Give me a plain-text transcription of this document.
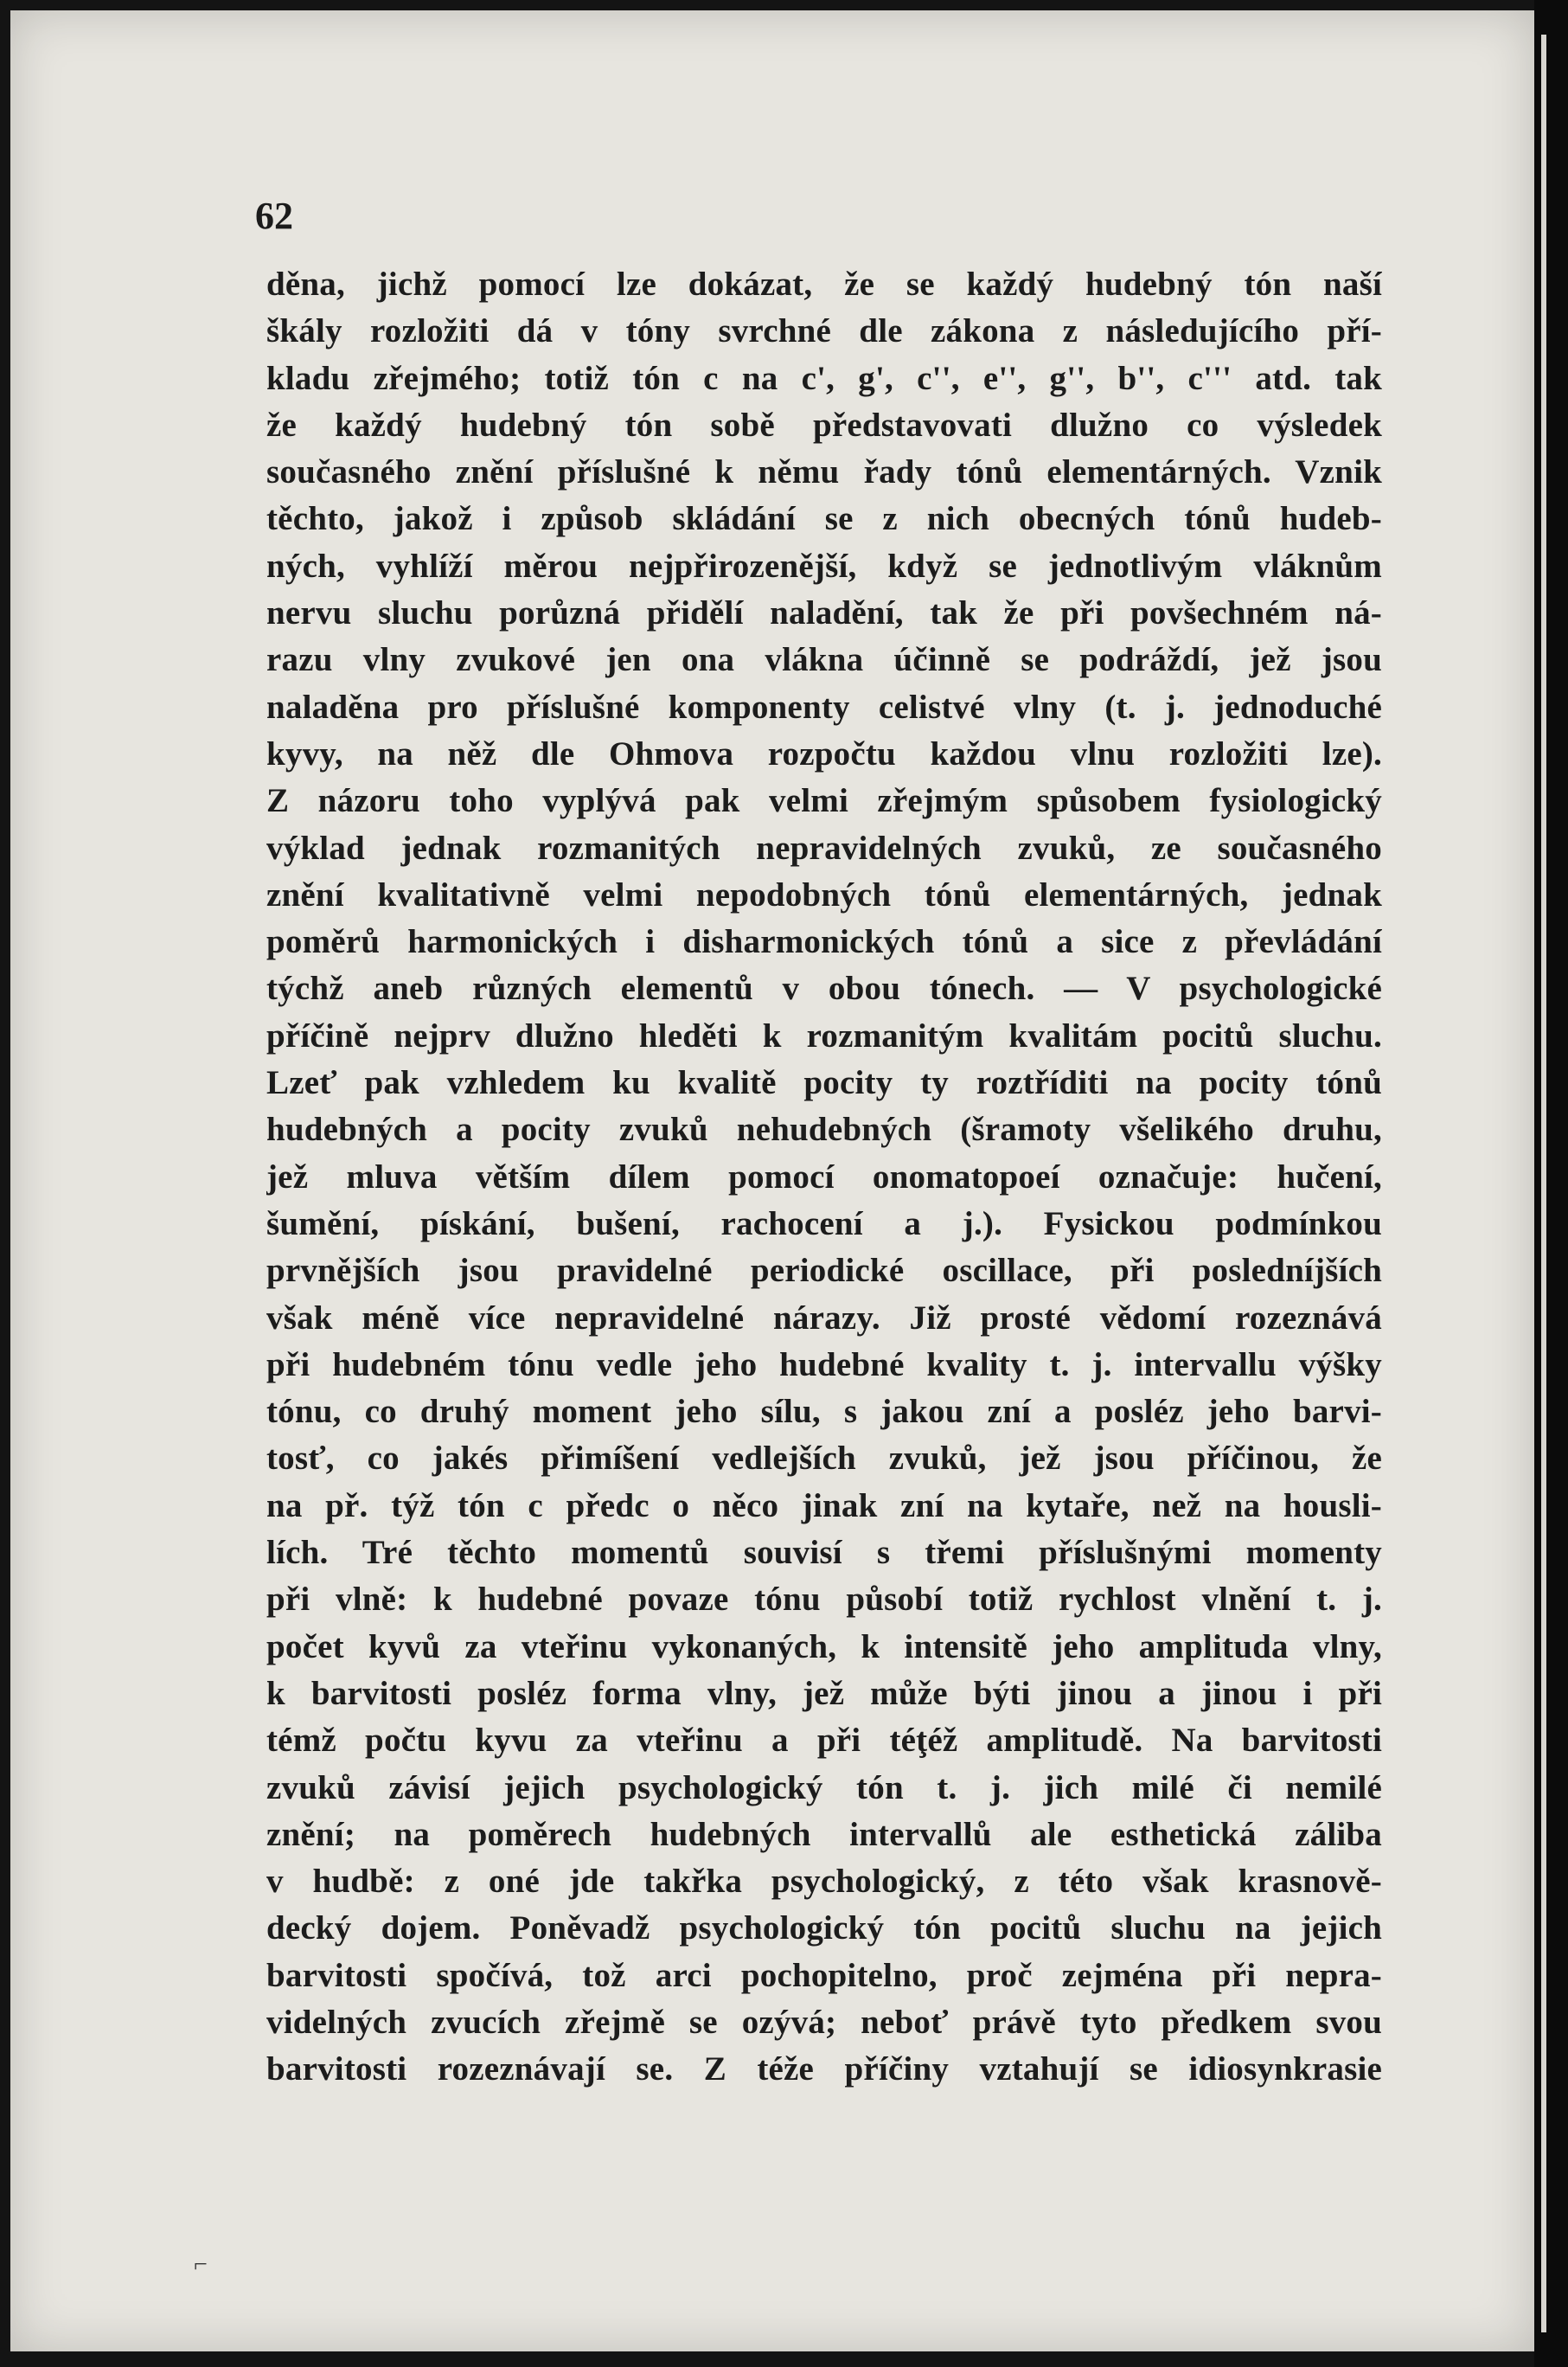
62
děna, jichž pomocí lze dokázat, že se každý hudebný tón naší
škály rozložiti dá v tóny svrchné dle zákona z následujícího pří-
kladu zřejmého; totiž tón c na c', g', c'', e'', g'', b'', c''' atd. tak
že každý hudebný tón sobě představovati dlužno co výsledek
současného znění příslušné k němu řady tónů elementárných. Vznik
těchto, jakož i způsob skládání se z nich obecných tónů hudeb-
ných, vyhlíží měrou nejpřirozenější, když se jednotlivým vláknům
nervu sluchu porůzná přidělí naladění, tak že při povšechném ná-
razu vlny zvukové jen ona vlákna účinně se podráždí, jež jsou
naladěna pro příslušné komponenty celistvé vlny (t. j. jednoduché
kyvy, na něž dle Ohmova rozpočtu každou vlnu rozložiti lze).
Z názoru toho vyplývá pak velmi zřejmým spůsobem fysiologický
výklad jednak rozmanitých nepravidelných zvuků, ze současného
znění kvalitativně velmi nepodobných tónů elementárných, jednak
poměrů harmonických i disharmonických tónů a sice z převládání
týchž aneb různých elementů v obou tónech. — V psychologické
příčině nejprv dlužno hleděti k rozmanitým kvalitám pocitů sluchu.
Lzeť pak vzhledem ku kvalitě pocity ty roztříditi na pocity tónů
hudebných a pocity zvuků nehudebných (šramoty všelikého druhu,
jež mluva větším dílem pomocí onomatopoeí označuje: hučení,
šumění, pískání, bušení, rachocení a j.). Fysickou podmínkou
prvnějších jsou pravidelné periodické oscillace, při posledníjších
však méně více nepravidelné nárazy. Již prosté vědomí rozeznává
při hudebném tónu vedle jeho hudebné kvality t. j. intervallu výšky
tónu, co druhý moment jeho sílu, s jakou zní a posléz jeho barvi-
tosť, co jakés přimíšení vedlejších zvuků, jež jsou příčinou, že
na př. týž tón c předc o něco jinak zní na kytaře, než na housli-
lích. Tré těchto momentů souvisí s třemi příslušnými momenty
při vlně: k hudebné povaze tónu působí totiž rychlost vlnění t. j.
počet kyvů za vteřinu vykonaných, k intensitě jeho amplituda vlny,
k barvitosti posléz forma vlny, jež může býti jinou a jinou i při
témž počtu kyvu za vteřinu a při téţéž amplitudě. Na barvitosti
zvuků závisí jejich psychologický tón t. j. jich milé či nemilé
znění; na poměrech hudebných intervallů ale esthetická záliba
v hudbě: z oné jde takřka psychologický, z této však krasnově-
decký dojem. Poněvadž psychologický tón pocitů sluchu na jejich
barvitosti spočívá, tož arci pochopitelno, proč zejména při nepra-
videlných zvucích zřejmě se ozývá; neboť právě tyto předkem svou
barvitosti rozeznávají se. Z téže příčiny vztahují se idiosynkrasie
⌐
